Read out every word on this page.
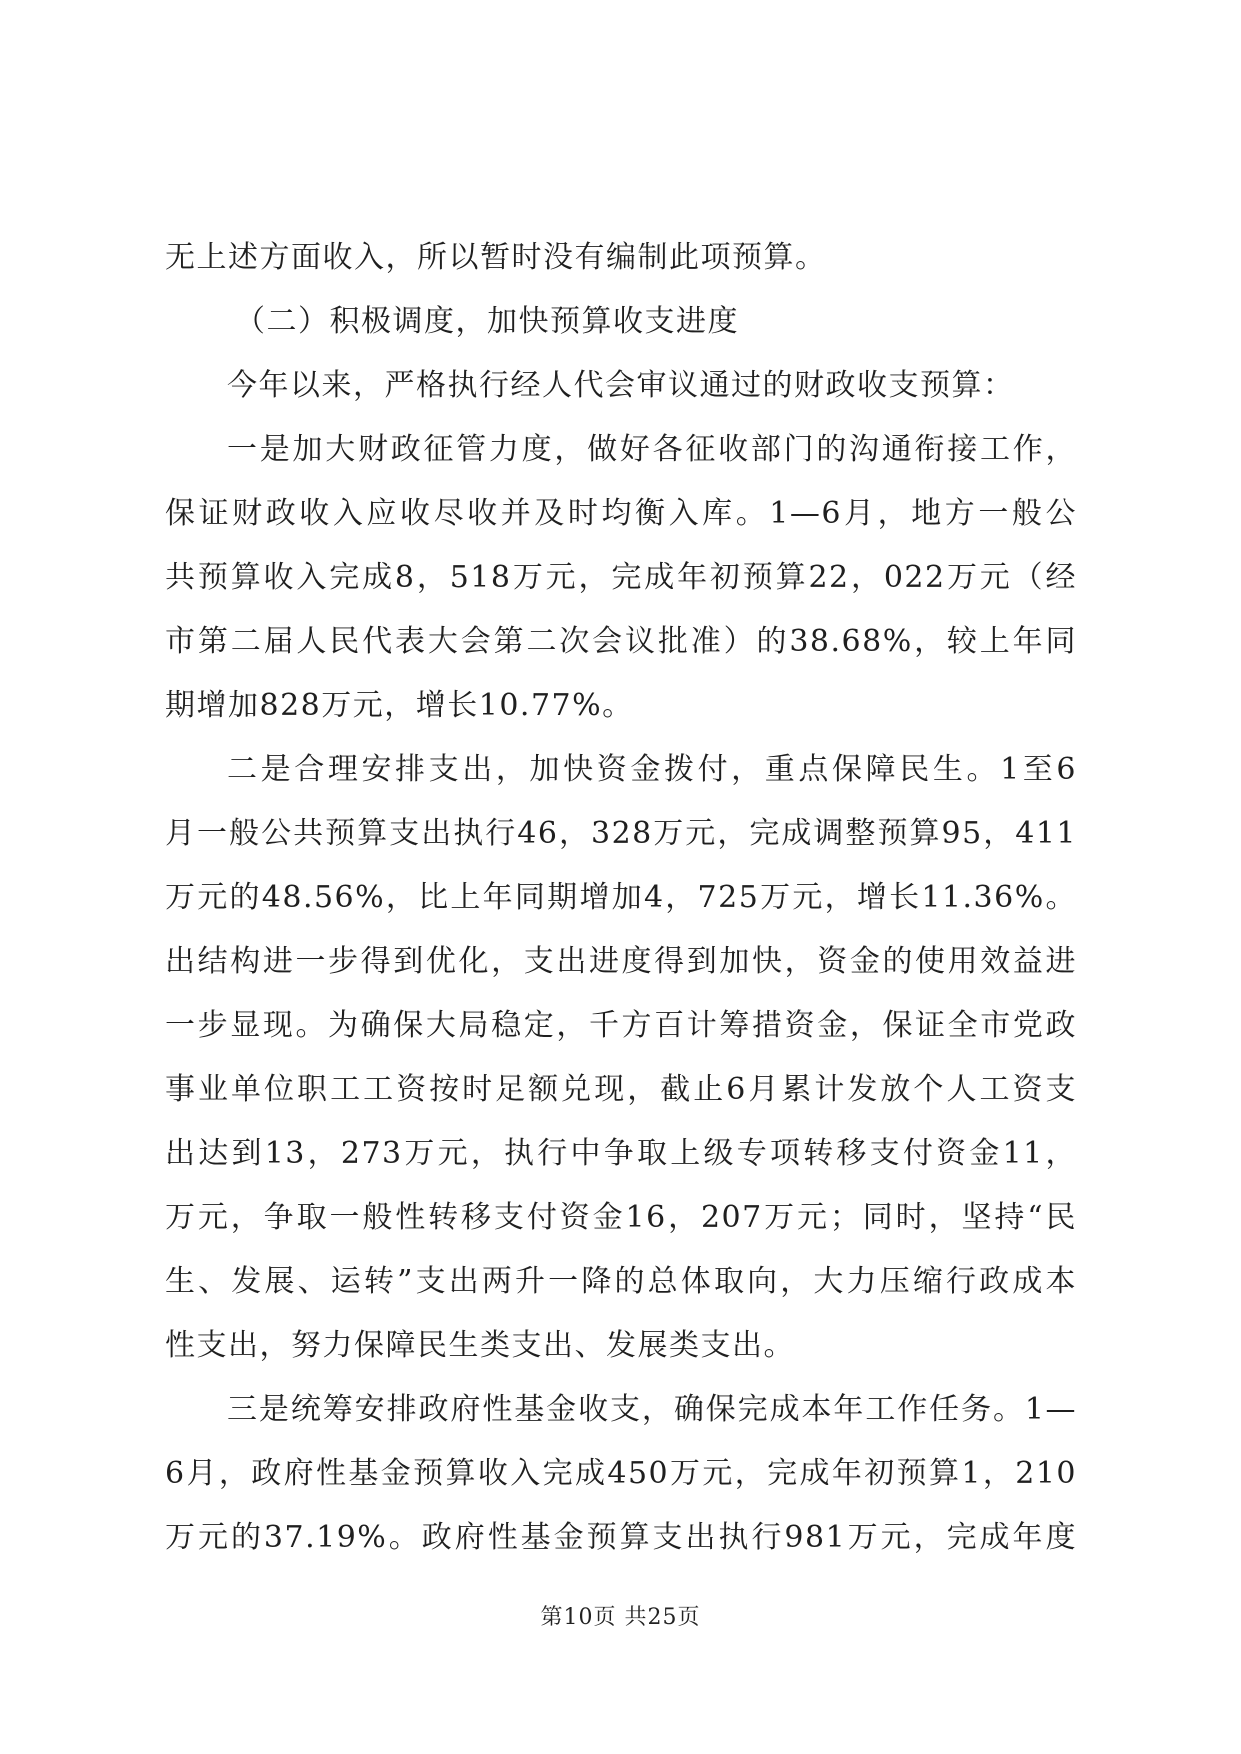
无上述方面收入，所以暂时没有编制此项预算。
（二）积极调度，加快预算收支进度
今年以来，严格执行经人代会审议通过的财政收支预算：
一是加大财政征管力度，做好各征收部门的沟通衔接工作，
保证财政收入应收尽收并及时均衡入库。1—6月，地方一般公
共预算收入完成8，518万元，完成年初预算22，022万元（经
市第二届人民代表大会第二次会议批准）的38.68%，较上年同
期增加828万元，增长10.77%。
二是合理安排支出，加快资金拨付，重点保障民生。1至6
月一般公共预算支出执行46，328万元，完成调整预算95，411
万元的48.56%，比上年同期增加4，725万元，增长11.36%。
出结构进一步得到优化，支出进度得到加快，资金的使用效益进
一步显现。为确保大局稳定，千方百计筹措资金，保证全市党政
事业单位职工工资按时足额兑现，截止6月累计发放个人工资支
出达到13，273万元，执行中争取上级专项转移支付资金11，
万元，争取一般性转移支付资金16，207万元；同时，坚持“民
生、发展、运转”支出两升一降的总体取向，大力压缩行政成本
性支出，努力保障民生类支出、发展类支出。
三是统筹安排政府性基金收支，确保完成本年工作任务。1—
6月，政府性基金预算收入完成450万元，完成年初预算1，210
万元的37.19%。政府性基金预算支出执行981万元，完成年度
第10页 共25页
